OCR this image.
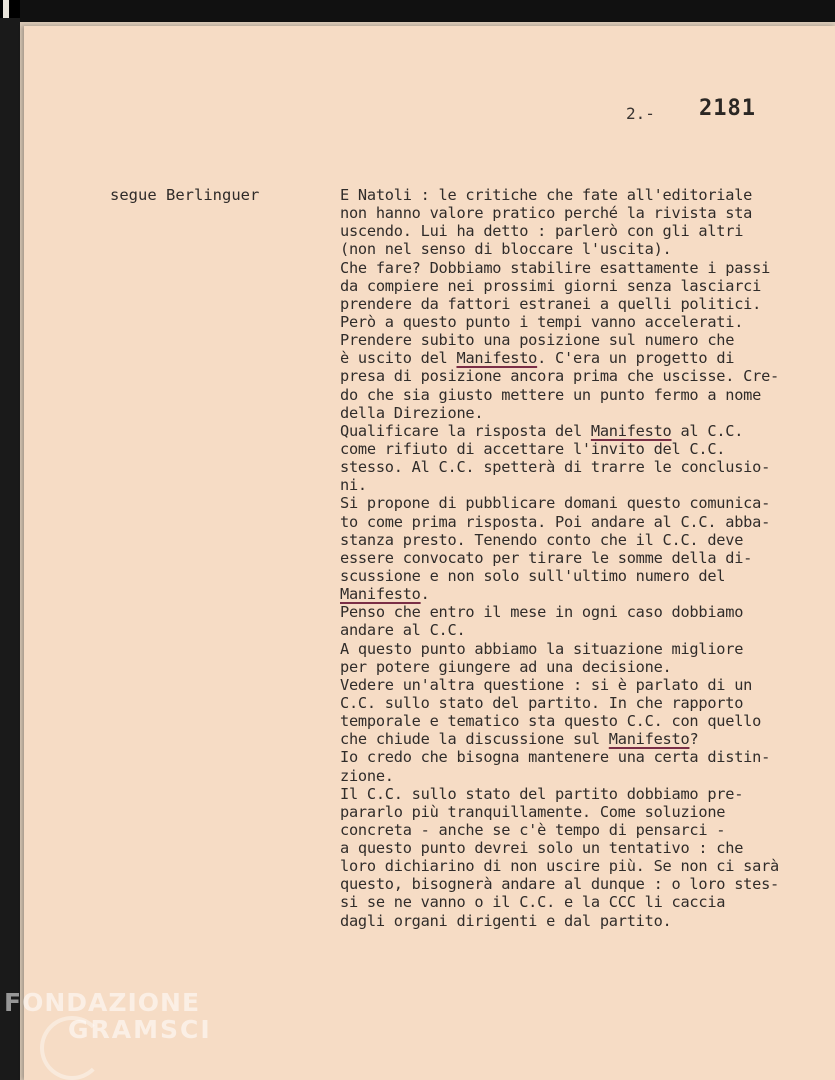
2.- 2181
segue Berlinguer	E Natoli : le critiche che fate all'editoriale
non hanno valore pratico perché la rivista sta
uscendo. Lui ha detto : parlerò con gli altri
(non nel senso di bloccare l'uscita).
Che fare? Dobbiamo stabilire esattamente i passi
da compiere nei prossimi giorni senza lasciarci
prendere da fattori estranei a quelli politici.
Però a questo punto i tempi vanno accelerati.
Prendere subito una posizione sul numero che
è uscito del Manifesto. C'era un progetto di
presa di posizione ancora prima che uscisse. Cre-
do che sia giusto mettere un punto fermo a nome
della Direzione.
Qualificare la risposta del Manifesto al C.C.
come rifiuto di accettare l'invito del C.C.
stesso. Al C.C. spetterà di trarre le conclusio-
ni.
Si propone di pubblicare domani questo comunica-
to come prima risposta. Poi andare al C.C. abba-
stanza presto. Tenendo conto che il C.C. deve
essere convocato per tirare le somme della di-
scussione e non solo sull'ultimo numero del
Manifesto.
Penso che entro il mese in ogni caso dobbiamo
andare al C.C.
A questo punto abbiamo la situazione migliore
per potere giungere ad una decisione.
Vedere un'altra questione : si è parlato di un
C.C. sullo stato del partito. In che rapporto
temporale e tematico sta questo C.C. con quello
che chiude la discussione sul Manifesto?
Io credo che bisogna mantenere una certa distin-
zione.
Il C.C. sullo stato del partito dobbiamo pre-
pararlo più tranquillamente. Come soluzione
concreta - anche se c'è tempo di pensarci -
a questo punto devrei solo un tentativo : che
loro dichiarino di non uscire più. Se non ci sarà
questo, bisognerà andare al dunque : o loro stes-
si se ne vanno o il C.C. e la CCC li caccia
dagli organi dirigenti e dal partito.
FONDAZIONE
GRAMSCI
